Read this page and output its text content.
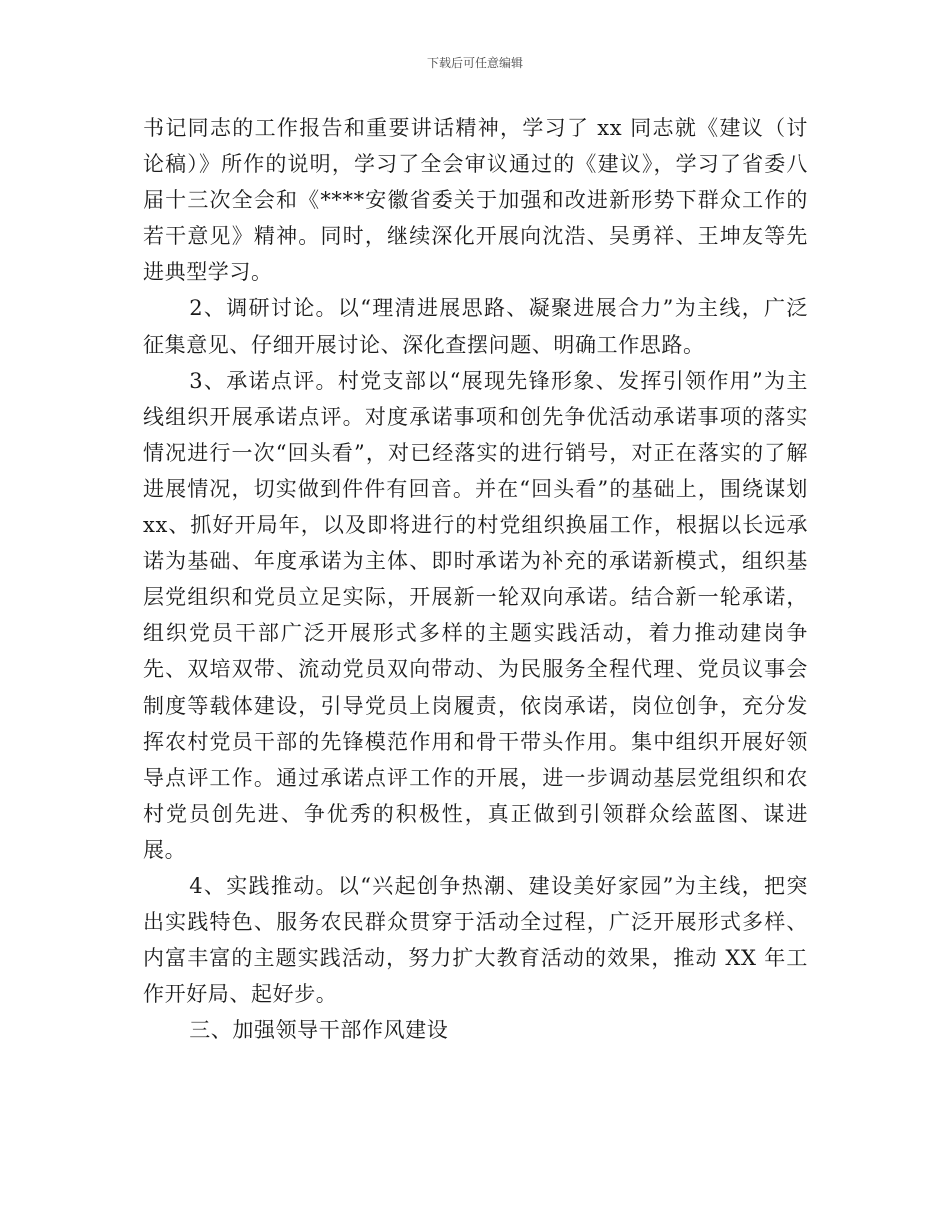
下载后可任意编辑

书记同志的工作报告和重要讲话精神，学习了 xx 同志就《建议（讨论稿）》所作的说明，学习了全会审议通过的《建议》，学习了省委八届十三次全会和《****安徽省委关于加强和改进新形势下群众工作的若干意见》精神。同时，继续深化开展向沈浩、吴勇祥、王坤友等先进典型学习。

2、调研讨论。以“理清进展思路、凝聚进展合力”为主线，广泛征集意见、仔细开展讨论、深化查摆问题、明确工作思路。

3、承诺点评。村党支部以“展现先锋形象、发挥引领作用”为主线组织开展承诺点评。对度承诺事项和创先争优活动承诺事项的落实情况进行一次“回头看”，对已经落实的进行销号，对正在落实的了解进展情况，切实做到件件有回音。并在“回头看”的基础上，围绕谋划 xx、抓好开局年，以及即将进行的村党组织换届工作，根据以长远承诺为基础、年度承诺为主体、即时承诺为补充的承诺新模式，组织基层党组织和党员立足实际，开展新一轮双向承诺。结合新一轮承诺，组织党员干部广泛开展形式多样的主题实践活动，着力推动建岗争先、双培双带、流动党员双向带动、为民服务全程代理、党员议事会制度等载体建设，引导党员上岗履责，依岗承诺，岗位创争，充分发挥农村党员干部的先锋模范作用和骨干带头作用。集中组织开展好领导点评工作。通过承诺点评工作的开展，进一步调动基层党组织和农村党员创先进、争优秀的积极性，真正做到引领群众绘蓝图、谋进展。

4、实践推动。以“兴起创争热潮、建设美好家园”为主线，把突出实践特色、服务农民群众贯穿于活动全过程，广泛开展形式多样、内富丰富的主题实践活动，努力扩大教育活动的效果，推动 XX 年工作开好局、起好步。

三、加强领导干部作风建设
